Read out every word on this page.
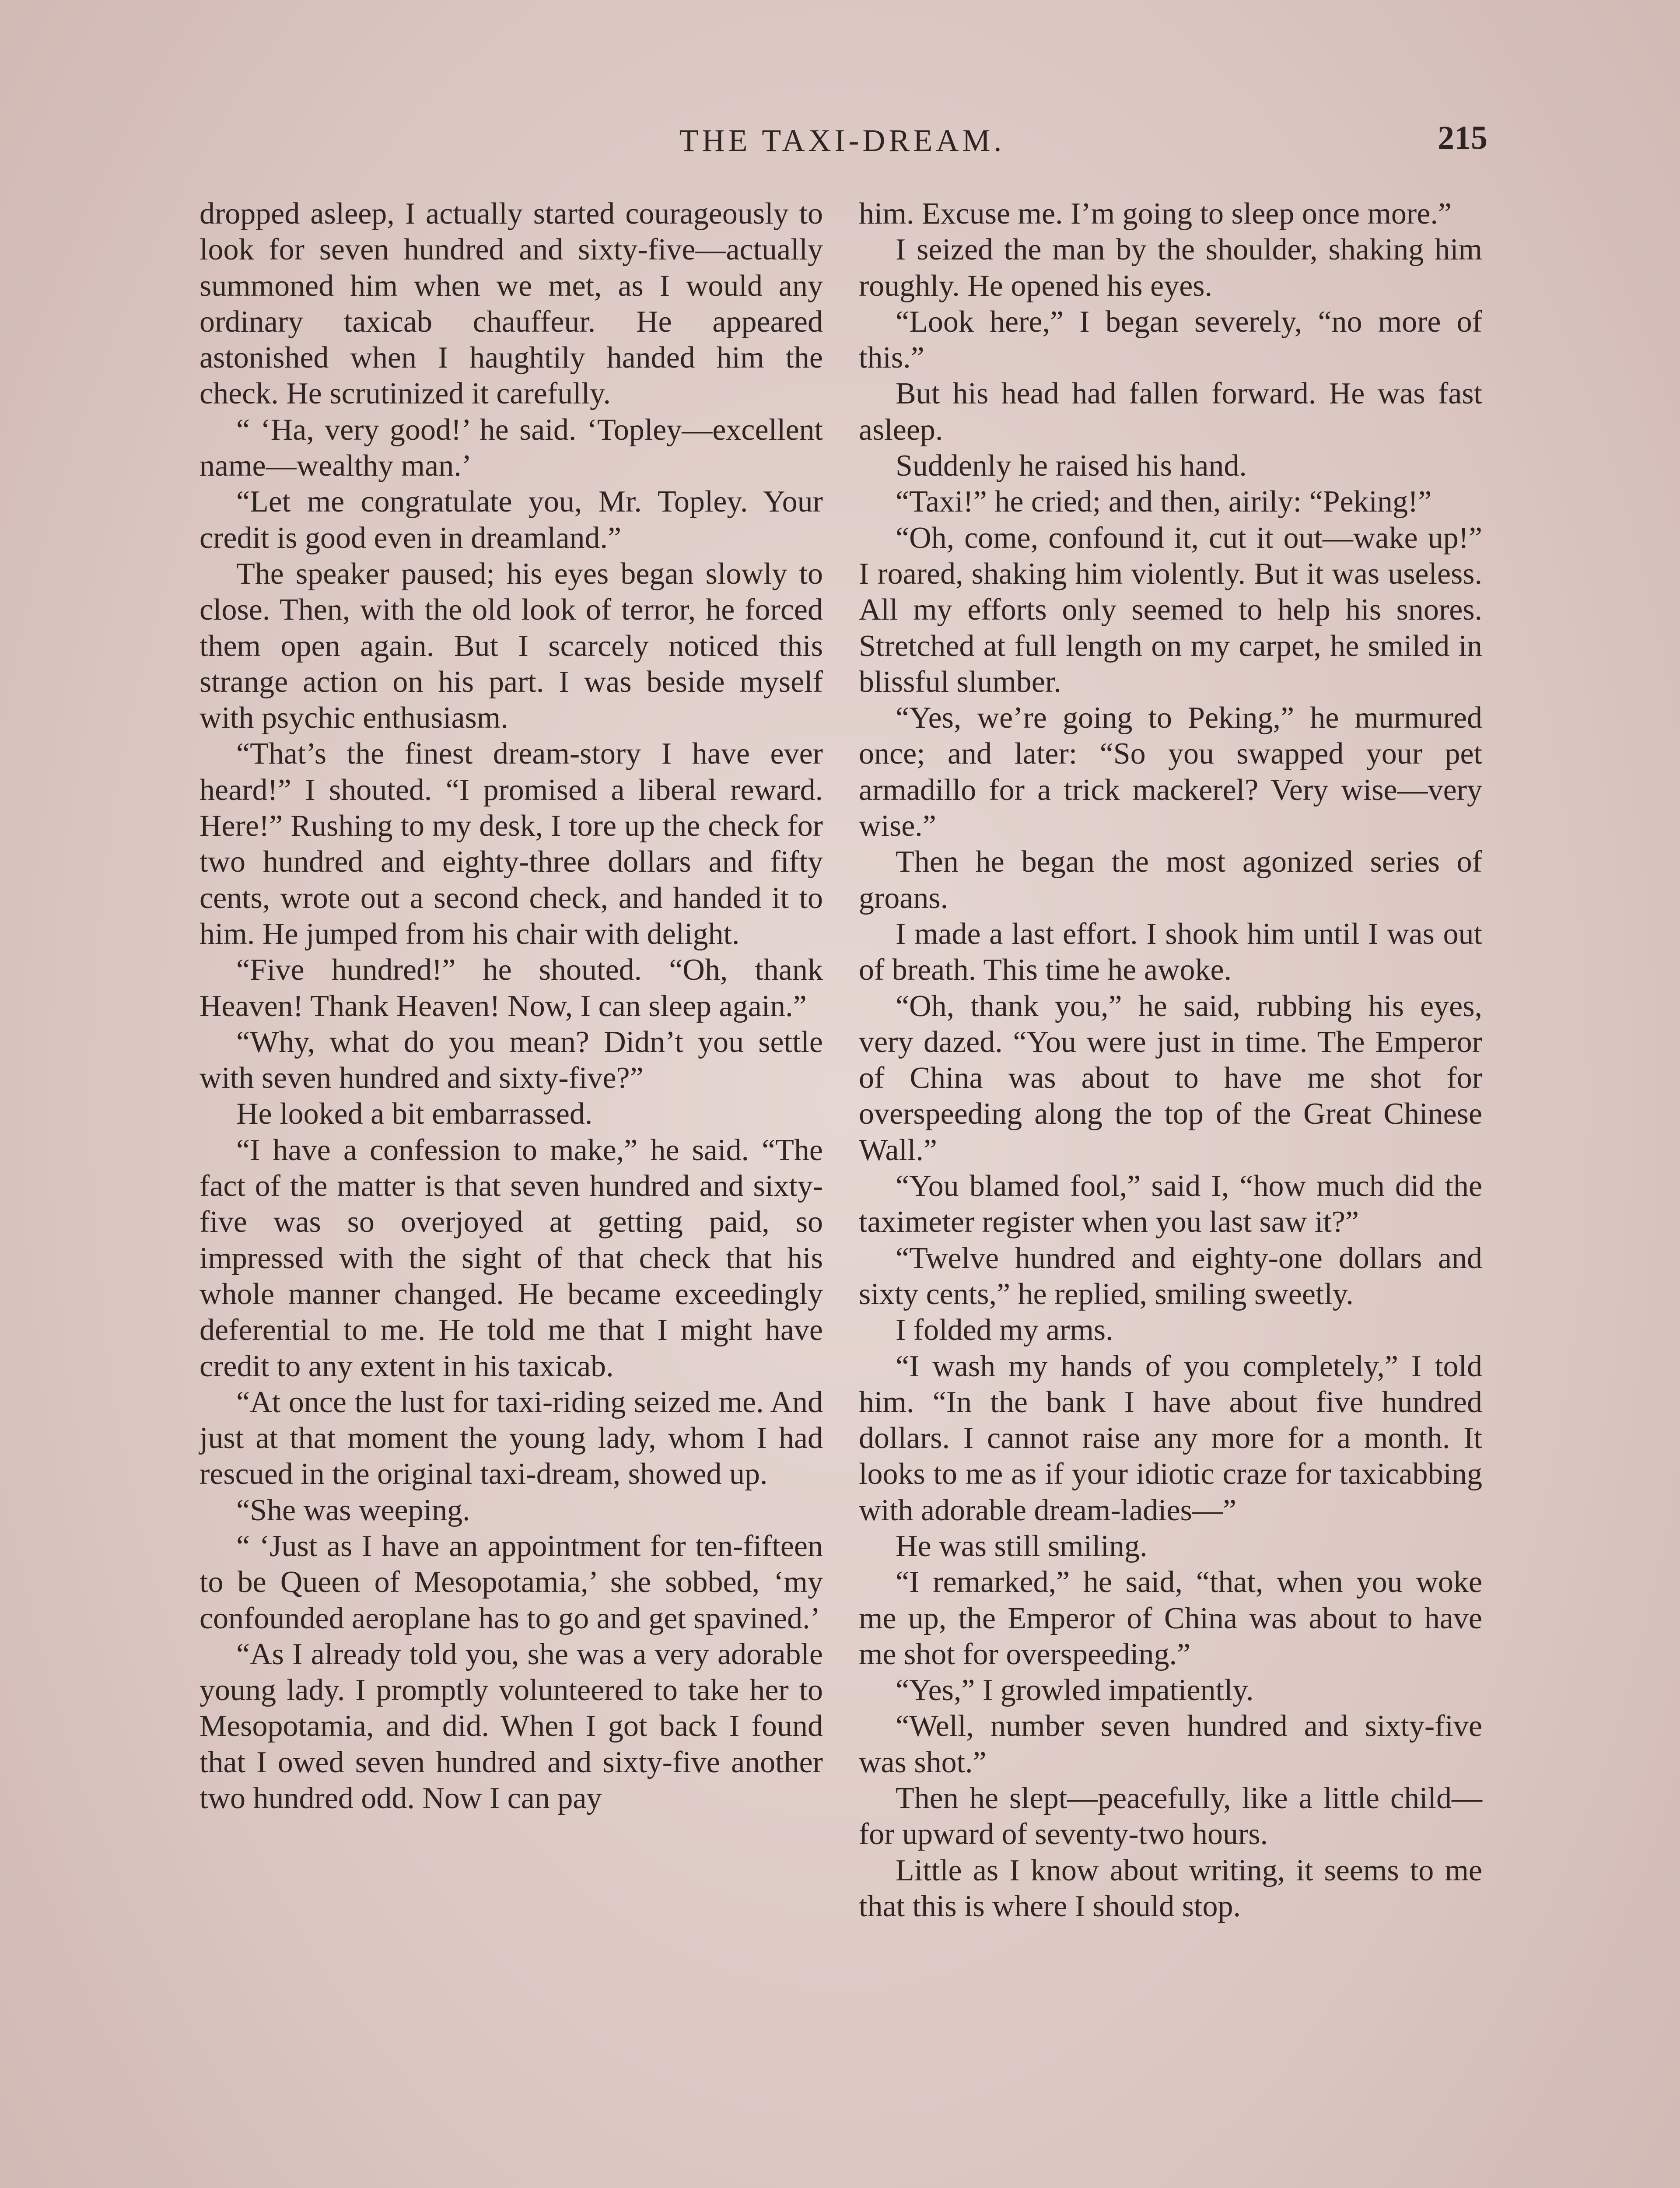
THE TAXI-DREAM.	215

dropped asleep, I actually started courageously to look for seven hundred and sixty-five—actually summoned him when we met, as I would any ordinary taxicab chauffeur. He appeared astonished when I haughtily handed him the check. He scrutinized it carefully.

“ ‘Ha, very good!’ he said. ‘Topley—excellent name—wealthy man.’

“Let me congratulate you, Mr. Topley. Your credit is good even in dreamland.”

The speaker paused; his eyes began slowly to close. Then, with the old look of terror, he forced them open again. But I scarcely noticed this strange action on his part. I was beside myself with psychic enthusiasm.

“That’s the finest dream-story I have ever heard!” I shouted. “I promised a liberal reward. Here!” Rushing to my desk, I tore up the check for two hundred and eighty-three dollars and fifty cents, wrote out a second check, and handed it to him. He jumped from his chair with delight.

“Five hundred!” he shouted. “Oh, thank Heaven! Thank Heaven! Now, I can sleep again.”

“Why, what do you mean? Didn’t you settle with seven hundred and sixty-five?”

He looked a bit embarrassed.

“I have a confession to make,” he said. “The fact of the matter is that seven hundred and sixty-five was so overjoyed at getting paid, so impressed with the sight of that check that his whole manner changed. He became exceedingly deferential to me. He told me that I might have credit to any extent in his taxicab.

“At once the lust for taxi-riding seized me. And just at that moment the young lady, whom I had rescued in the original taxi-dream, showed up.

“She was weeping.

“ ‘Just as I have an appointment for ten-fifteen to be Queen of Mesopotamia,’ she sobbed, ‘my confounded aeroplane has to go and get spavined.’

“As I already told you, she was a very adorable young lady. I promptly volunteered to take her to Mesopotamia, and did. When I got back I found that I owed seven hundred and sixty-five another two hundred odd. Now I can pay

him. Excuse me. I’m going to sleep once more.”

I seized the man by the shoulder, shaking him roughly. He opened his eyes.

“Look here,” I began severely, “no more of this.”

But his head had fallen forward. He was fast asleep.

Suddenly he raised his hand.

“Taxi!” he cried; and then, airily: “Peking!”

“Oh, come, confound it, cut it out—wake up!” I roared, shaking him violently. But it was useless. All my efforts only seemed to help his snores. Stretched at full length on my carpet, he smiled in blissful slumber.

“Yes, we’re going to Peking,” he murmured once; and later: “So you swapped your pet armadillo for a trick mackerel? Very wise—very wise.”

Then he began the most agonized series of groans.

I made a last effort. I shook him until I was out of breath. This time he awoke.

“Oh, thank you,” he said, rubbing his eyes, very dazed. “You were just in time. The Emperor of China was about to have me shot for overspeeding along the top of the Great Chinese Wall.”

“You blamed fool,” said I, “how much did the taximeter register when you last saw it?”

“Twelve hundred and eighty-one dollars and sixty cents,” he replied, smiling sweetly.

I folded my arms.

“I wash my hands of you completely,” I told him. “In the bank I have about five hundred dollars. I cannot raise any more for a month. It looks to me as if your idiotic craze for taxicabbing with adorable dream-ladies—”

He was still smiling.

“I remarked,” he said, “that, when you woke me up, the Emperor of China was about to have me shot for overspeeding.”

“Yes,” I growled impatiently.

“Well, number seven hundred and sixty-five was shot.”

Then he slept—peacefully, like a little child—for upward of seventy-two hours.

Little as I know about writing, it seems to me that this is where I should stop.
